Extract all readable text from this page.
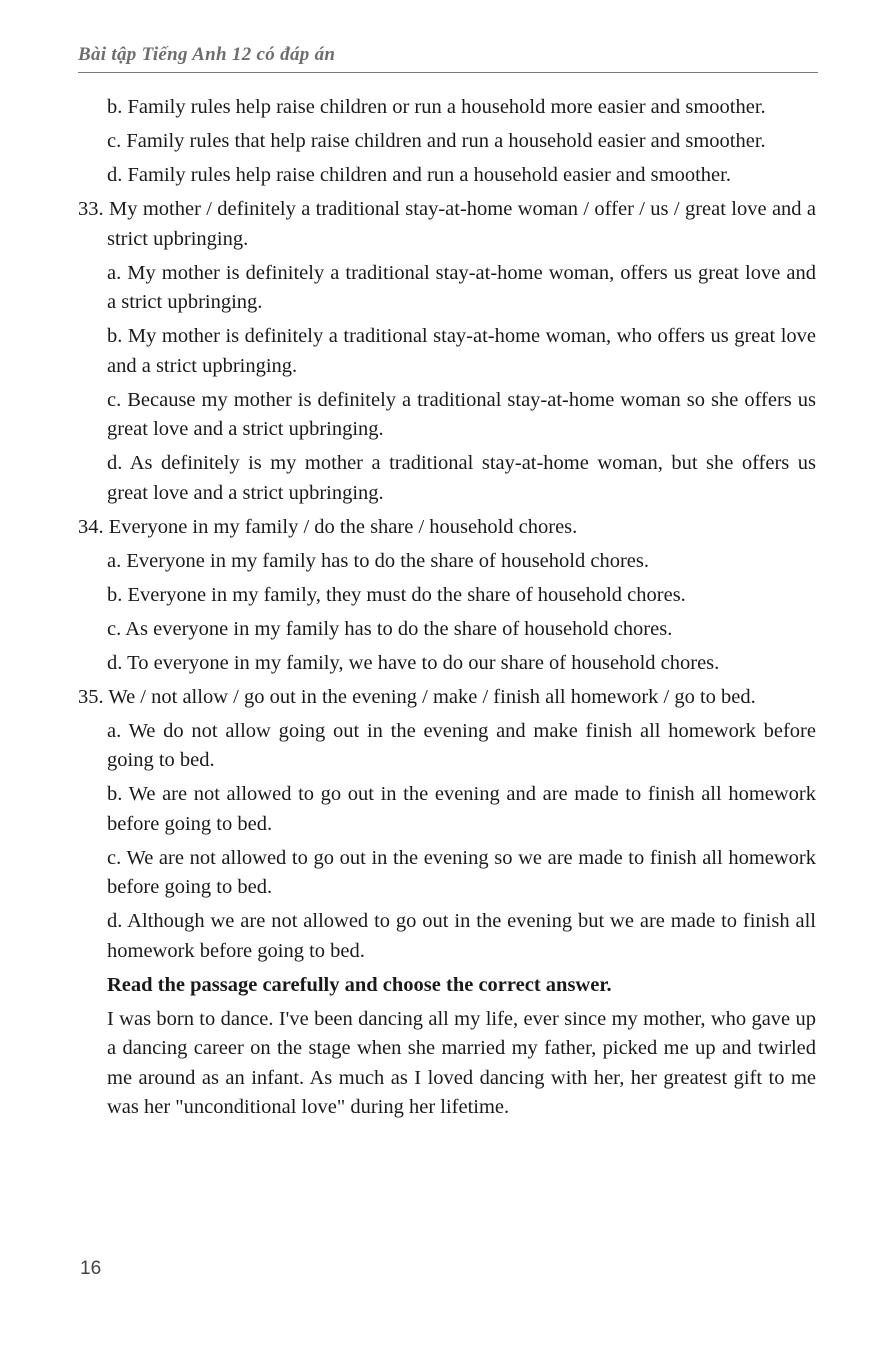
Bài tập Tiếng Anh 12 có đáp án
b. Family rules help raise children or run a household more easier and smoother.
c. Family rules that help raise children and run a household easier and smoother.
d. Family rules help raise children and run a household easier and smoother.
33. My mother / definitely a traditional stay-at-home woman / offer / us / great love and a strict upbringing.
a. My mother is definitely a traditional stay-at-home woman, offers us great love and a strict upbringing.
b. My mother is definitely a traditional stay-at-home woman, who offers us great love and a strict upbringing.
c. Because my mother is definitely a traditional stay-at-home woman so she offers us great love and a strict upbringing.
d. As definitely is my mother a traditional stay-at-home woman, but she offers us great love and a strict upbringing.
34. Everyone in my family / do the share / household chores.
a. Everyone in my family has to do the share of household chores.
b. Everyone in my family, they must do the share of household chores.
c. As everyone in my family has to do the share of household chores.
d. To everyone in my family, we have to do our share of household chores.
35. We / not allow / go out in the evening / make / finish all homework / go to bed.
a. We do not allow going out in the evening and make finish all homework before going to bed.
b. We are not allowed to go out in the evening and are made to finish all homework before going to bed.
c. We are not allowed to go out in the evening so we are made to finish all homework before going to bed.
d. Although we are not allowed to go out in the evening but we are made to finish all homework before going to bed.
Read the passage carefully and choose the correct answer.
I was born to dance. I've been dancing all my life, ever since my mother, who gave up a dancing career on the stage when she married my father, picked me up and twirled me around as an infant. As much as I loved dancing with her, her greatest gift to me was her "unconditional love" during her lifetime.
16
